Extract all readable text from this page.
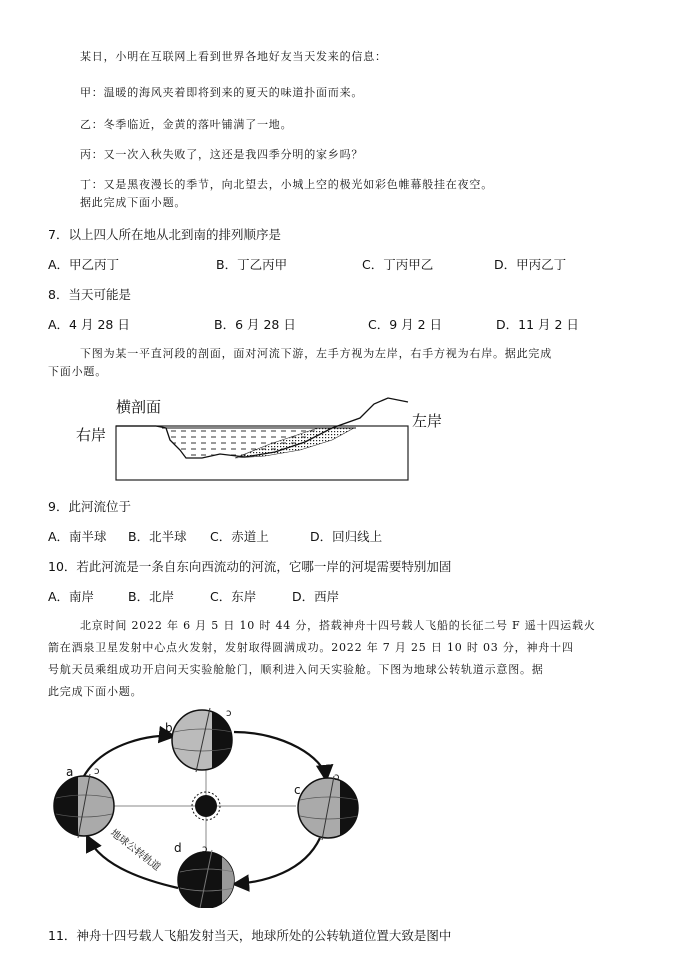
某日，小明在互联网上看到世界各地好友当天发来的信息：
甲：温暖的海风夹着即将到来的夏天的味道扑面而来。
乙：冬季临近，金黄的落叶铺满了一地。
丙：又一次入秋失败了，这还是我四季分明的家乡吗？
丁：又是黑夜漫长的季节，向北望去，小城上空的极光如彩色帷幕般挂在夜空。
据此完成下面小题。
7．以上四人所在地从北到南的排列顺序是
A．甲乙丙丁	B．丁乙丙甲	C．丁丙甲乙	D．甲丙乙丁
8．当天可能是
A．4 月 28 日	B．6 月 28 日	C．9 月 2 日	D．11 月 2 日
下图为某一平直河段的剖面，面对河流下游，左手方视为左岸，右手方视为右岸。据此完成
下面小题。
横剖面
右岸
左岸
9．此河流位于
A．南半球 B．北半球 C．赤道上	D．回归线上
10．若此河流是一条自东向西流动的河流，它哪一岸的河堤需要特别加固
A．南岸	B．北岸	C．东岸	D．西岸
北京时间 2022 年 6 月 5 日 10 时 44 分，搭载神舟十四号载人飞船的长征二号 F 遥十四运载火
箭在酒泉卫星发射中心点火发射，发射取得圆满成功。2022 年 7 月 25 日 10 时 03 分，神舟十四
号航天员乘组成功开启问天实验舱舱门，顺利进入问天实验舱。下图为地球公转轨道示意图。据
此完成下面小题。
ↄ
ↄ
ↄ
ↄ
a
b
c
d
地球公转轨道
11．神舟十四号载人飞船发射当天，地球所处的公转轨道位置大致是图中
